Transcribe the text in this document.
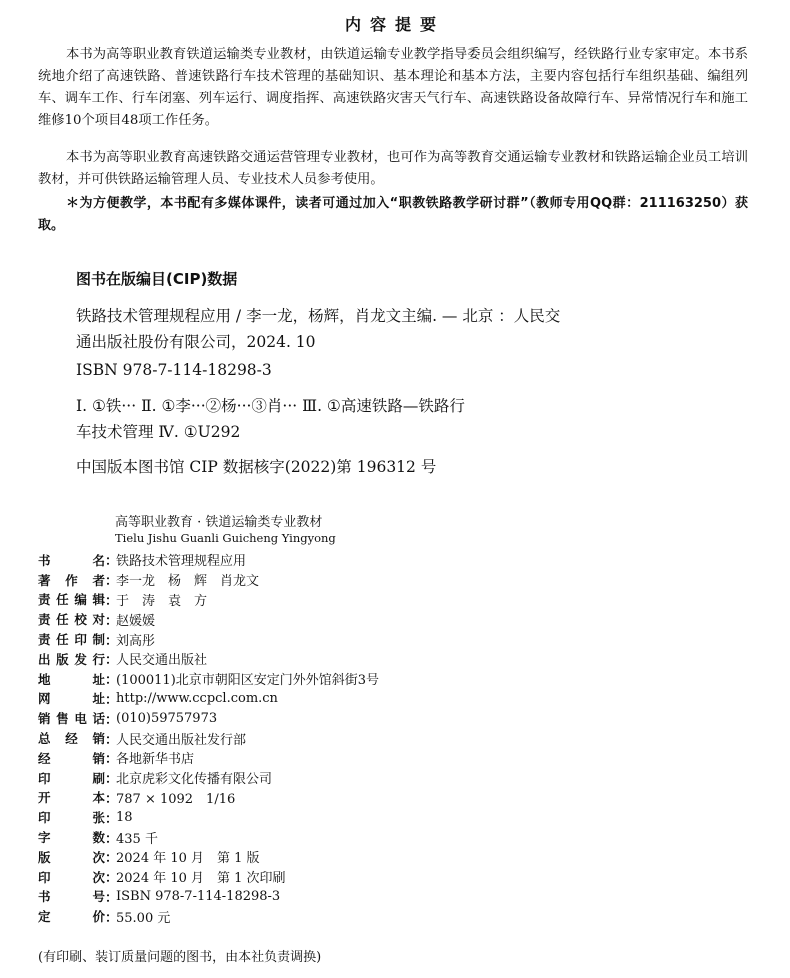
内容提要

本书为高等职业教育铁道运输类专业教材，由铁道运输专业教学指导委员会组织编写，经铁路行业专家审定。本书系统地介绍了高速铁路、普速铁路行车技术管理的基础知识、基本理论和基本方法，主要内容包括行车组织基础、编组列车、调车工作、行车闭塞、列车运行、调度指挥、高速铁路灾害天气行车、高速铁路设备故障行车、异常情况行车和施工维修10个项目48项工作任务。

本书为高等职业教育高速铁路交通运营管理专业教材，也可作为高等教育交通运输专业教材和铁路运输企业员工培训教材，并可供铁路运输管理人员、专业技术人员参考使用。

＊为方便教学，本书配有多媒体课件，读者可通过加入“职教铁路教学研讨群”（教师专用QQ群：211163250）获取。

图书在版编目(CIP)数据
铁路技术管理规程应用 / 李一龙，杨辉，肖龙文主编. — 北京 ：人民交
通出版社股份有限公司，2024. 10
ISBN 978-7-114-18298-3
Ⅰ. ①铁··· Ⅱ. ①李···②杨···③肖··· Ⅲ. ①高速铁路—铁路行
车技术管理 Ⅳ. ①U292
中国版本图书馆 CIP 数据核字(2022)第 196312 号
高等职业教育 · 铁道运输类专业教材
Tielu Jishu Guanli Guicheng Yingyong
书	名 ：
铁路技术管理规程应用
著 作 者 ：
李一龙　杨　辉　肖龙文
责 任 编 辑 ：
于　涛　袁　方
责 任 校 对 ：
赵媛媛
责 任 印 制 ：
刘高彤
出 版 发 行 ：
人民交通出版社
地	址 ：
(100011)北京市朝阳区安定门外外馆斜街3号
网	址 ：
http://www.ccpcl.com.cn
销 售 电 话 ：
(010)59757973
总 经 销 ：
人民交通出版社发行部
经	销 ：
各地新华书店
印	刷 ：
北京虎彩文化传播有限公司
开	本 ：
787 × 1092　1/16
印	张 ：
18
字	数 ：
435 千
版	次 ：
2024 年 10 月　第 1 版
印	次 ：
2024 年 10 月　第 1 次印刷
书	号 ：
ISBN 978-7-114-18298-3
定	价 ：
55.00 元
(有印刷、装订质量问题的图书，由本社负责调换)
